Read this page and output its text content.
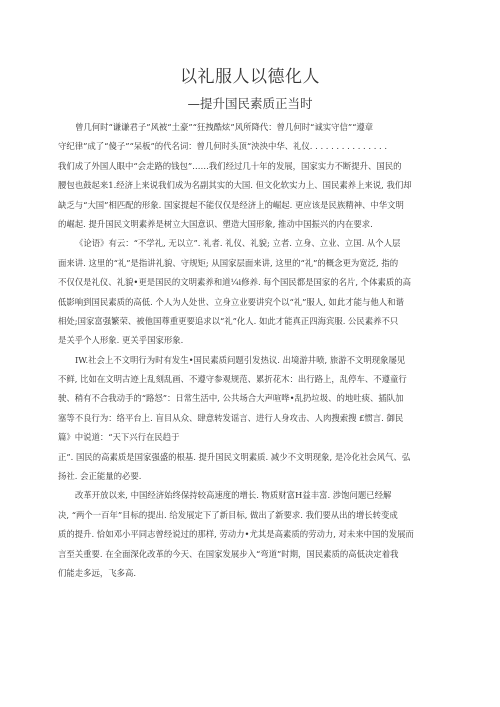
以礼服人以德化人
—提升国民素质正当时
曾几何时“谦谦君子”风被“土豪”“狂拽酷炫”风所降代：曾几何时“诚实守信”“遵章
守纪律”成了“傻子”“呆板”的代名词：曾几何时头顶“泱泱中华、礼仪. . . . . . . . . . . . . . .
我们成了外国人眼中“会走路的钱包”……我们经过几十年的发展，国家实力不断提升、国民的
腰包也鼓起来1.经济上来说我们成为名副其实的大国. 但文化软实力上、国民素养上来说, 我们却
缺乏与“大国”相匹配的形象. 国家提起不能仅仅是经济上的崛起. 更应该是民族精神、中华文明
的崛起. 提升国民文明素养是树立大国意识、塑造大国形象, 推动中国振兴的内在要求.
《论语》有云：“不学礼, 无以立”. 礼者. 礼仪、礼貌; 立者. 立身、立业、立国. 从个人层
面来讲. 这里的“礼”是指讲礼貌、守规矩; 从国家层面来讲, 这里的“礼”的概念更为宽泛, 指的
不仅仅是礼仪、礼貌•更是国民的文明素养和道¼i修养. 每个国民都是国家的名片, 个体素质的高
低影响到国民素质的高低. 个人为人处世、立身立业要讲究个以“礼”服人, 如此才能与他人和谐
相处;国家富强繁荣、被他国尊重更要追求以“礼”化人. 如此才能真正四海宾服. 公民素养不只
是关乎个人形象. 更关乎国家形象.
IW.社会上不文明行为时有发生•国民素质问题引发热议. 出境游井喷, 旅游不文明现象屡见
不鲜, 比如在文明古迹上乱刻乱画、不遵守参观规范、累折花木：出行路上，乱停车、不遵童行
驶、稍有不合我动手的“路怒”：日常生活中, 公共场合大声喧哗•乱扔垃圾、的地吐痰、插队加
塞等不良行为：络平台上. 盲目从众、肆意转发谣言、进行人身攻击、人肉搜索搜 £惯言. 御民
篇》中说道：“天下兴行在民趋于
正”. 国民的高素质是国家强盛的根基. 提升国民文明素质. 减少不文明现象, 是冷化社会风气、弘
扬社. 会正能量的必要.
改革开放以来, 中国经济始终保持较高速度的增长. 物质财富H益丰富. 涉饱问题已经解
决, “两个一百年”目标的提出. 给发展定下了新目标, 做出了新要求. 我们要从出的增长转变成
质的提升. 恰如邓小平同志曾经说过的那样, 劳动力•尤其是高素质的劳动力, 对未来中国的发展而
言至关重要. 在全面深化改革的今天、在国家发展步入“弯道”时期，国民素质的高低决定着我
们能走多远，飞多高.
